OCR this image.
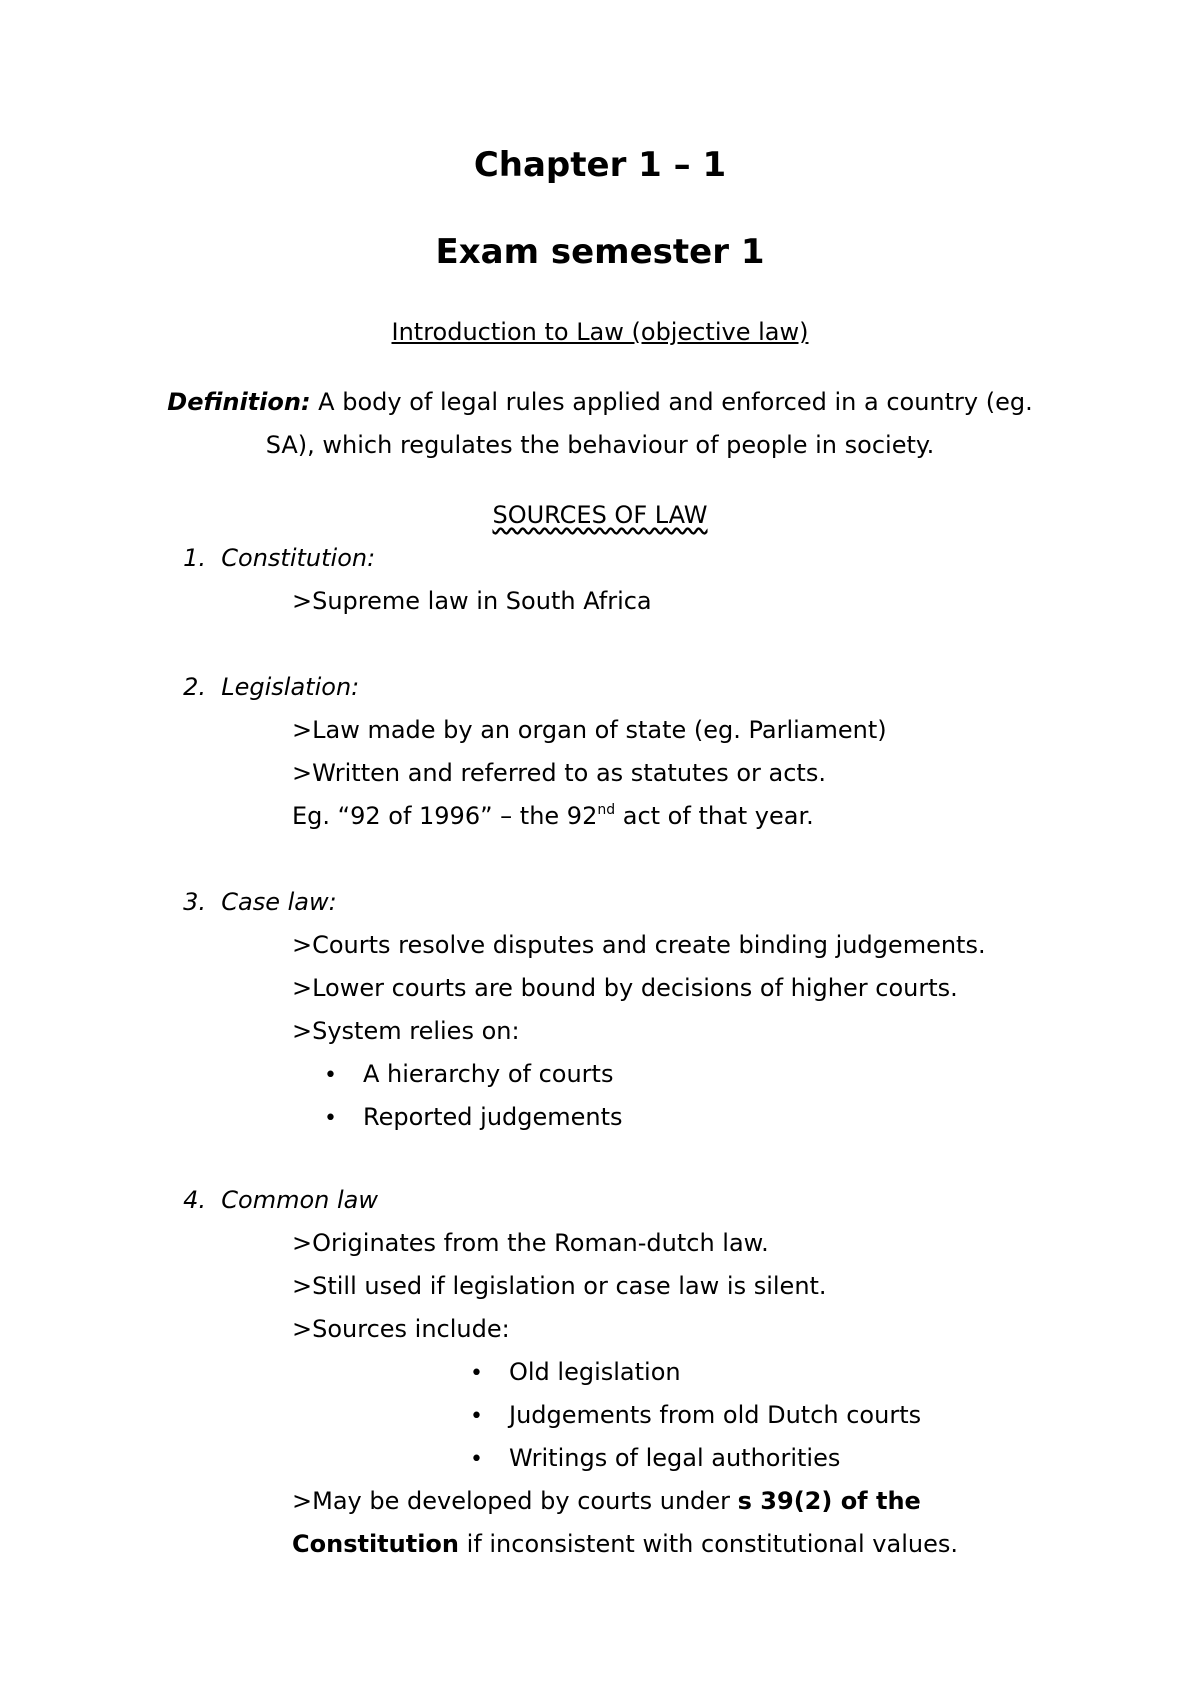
Chapter 1 – 1
Exam semester 1
Introduction to Law (objective law)
Definition: A body of legal rules applied and enforced in a country (eg.
SA), which regulates the behaviour of people in society.
SOURCES OF LAW
1. Constitution:
>Supreme law in South Africa
2. Legislation:
>Law made by an organ of state (eg. Parliament)
>Written and referred to as statutes or acts.
Eg. “92 of 1996” – the 92nd act of that year.
3. Case law:
>Courts resolve disputes and create binding judgements.
>Lower courts are bound by decisions of higher courts.
>System relies on:
• A hierarchy of courts
• Reported judgements
4. Common law
>Originates from the Roman-dutch law.
>Still used if legislation or case law is silent.
>Sources include:
• Old legislation
• Judgements from old Dutch courts
• Writings of legal authorities
>May be developed by courts under s 39(2) of the
Constitution if inconsistent with constitutional values.
